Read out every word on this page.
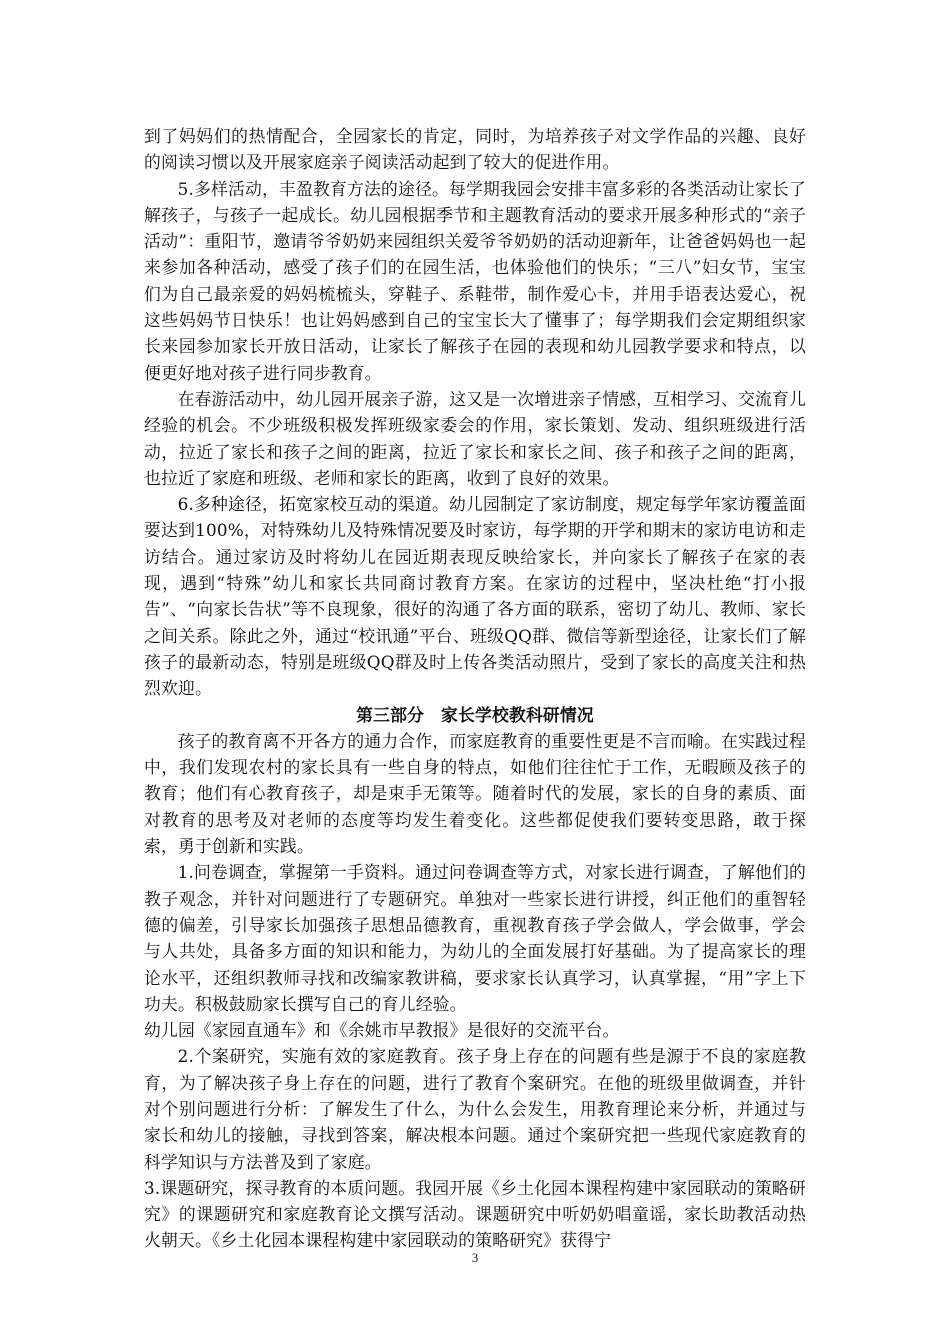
到了妈妈们的热情配合，全园家长的肯定，同时，为培养孩子对文学作品的兴趣、良好的阅读习惯以及开展家庭亲子阅读活动起到了较大的促进作用。

5.多样活动，丰盈教育方法的途径。每学期我园会安排丰富多彩的各类活动让家长了解孩子，与孩子一起成长。幼儿园根据季节和主题教育活动的要求开展多种形式的“亲子活动”：重阳节，邀请爷爷奶奶来园组织关爱爷爷奶奶的活动迎新年，让爸爸妈妈也一起来参加各种活动，感受了孩子们的在园生活，也体验他们的快乐；“三八”妇女节，宝宝们为自己最亲爱的妈妈梳梳头，穿鞋子、系鞋带，制作爱心卡，并用手语表达爱心，祝这些妈妈节日快乐！也让妈妈感到自己的宝宝长大了懂事了；每学期我们会定期组织家长来园参加家长开放日活动，让家长了解孩子在园的表现和幼儿园教学要求和特点，以便更好地对孩子进行同步教育。

在春游活动中，幼儿园开展亲子游，这又是一次增进亲子情感，互相学习、交流育儿经验的机会。不少班级积极发挥班级家委会的作用，家长策划、发动、组织班级进行活动，拉近了家长和孩子之间的距离，拉近了家长和家长之间、孩子和孩子之间的距离，也拉近了家庭和班级、老师和家长的距离，收到了良好的效果。

6.多种途径，拓宽家校互动的渠道。幼儿园制定了家访制度，规定每学年家访覆盖面要达到100%，对特殊幼儿及特殊情况要及时家访，每学期的开学和期末的家访电访和走访结合。通过家访及时将幼儿在园近期表现反映给家长，并向家长了解孩子在家的表现，遇到“特殊”幼儿和家长共同商讨教育方案。在家访的过程中，坚决杜绝“打小报告”、“向家长告状”等不良现象，很好的沟通了各方面的联系，密切了幼儿、教师、家长之间关系。除此之外，通过“校讯通”平台、班级QQ群、微信等新型途径，让家长们了解孩子的最新动态，特别是班级QQ群及时上传各类活动照片，受到了家长的高度关注和热烈欢迎。

第三部分　家长学校教科研情况

孩子的教育离不开各方的通力合作，而家庭教育的重要性更是不言而喻。在实践过程中，我们发现农村的家长具有一些自身的特点，如他们往往忙于工作，无暇顾及孩子的教育；他们有心教育孩子，却是束手无策等。随着时代的发展，家长的自身的素质、面对教育的思考及对老师的态度等均发生着变化。这些都促使我们要转变思路，敢于探索，勇于创新和实践。

1.问卷调查，掌握第一手资料。通过问卷调查等方式，对家长进行调查，了解他们的教子观念，并针对问题进行了专题研究。单独对一些家长进行讲授，纠正他们的重智轻德的偏差，引导家长加强孩子思想品德教育，重视教育孩子学会做人，学会做事，学会与人共处，具备多方面的知识和能力，为幼儿的全面发展打好基础。为了提高家长的理论水平，还组织教师寻找和改编家教讲稿，要求家长认真学习，认真掌握，“用”字上下功夫。积极鼓励家长撰写自己的育儿经验。

幼儿园《家园直通车》和《余姚市早教报》是很好的交流平台。

2.个案研究，实施有效的家庭教育。孩子身上存在的问题有些是源于不良的家庭教育，为了解决孩子身上存在的问题，进行了教育个案研究。在他的班级里做调查，并针对个别问题进行分析：了解发生了什么，为什么会发生，用教育理论来分析，并通过与家长和幼儿的接触，寻找到答案，解决根本问题。通过个案研究把一些现代家庭教育的科学知识与方法普及到了家庭。

3.课题研究，探寻教育的本质问题。我园开展《乡土化园本课程构建中家园联动的策略研究》的课题研究和家庭教育论文撰写活动。课题研究中听奶奶唱童谣，家长助教活动热火朝天。《乡土化园本课程构建中家园联动的策略研究》获得宁

3
